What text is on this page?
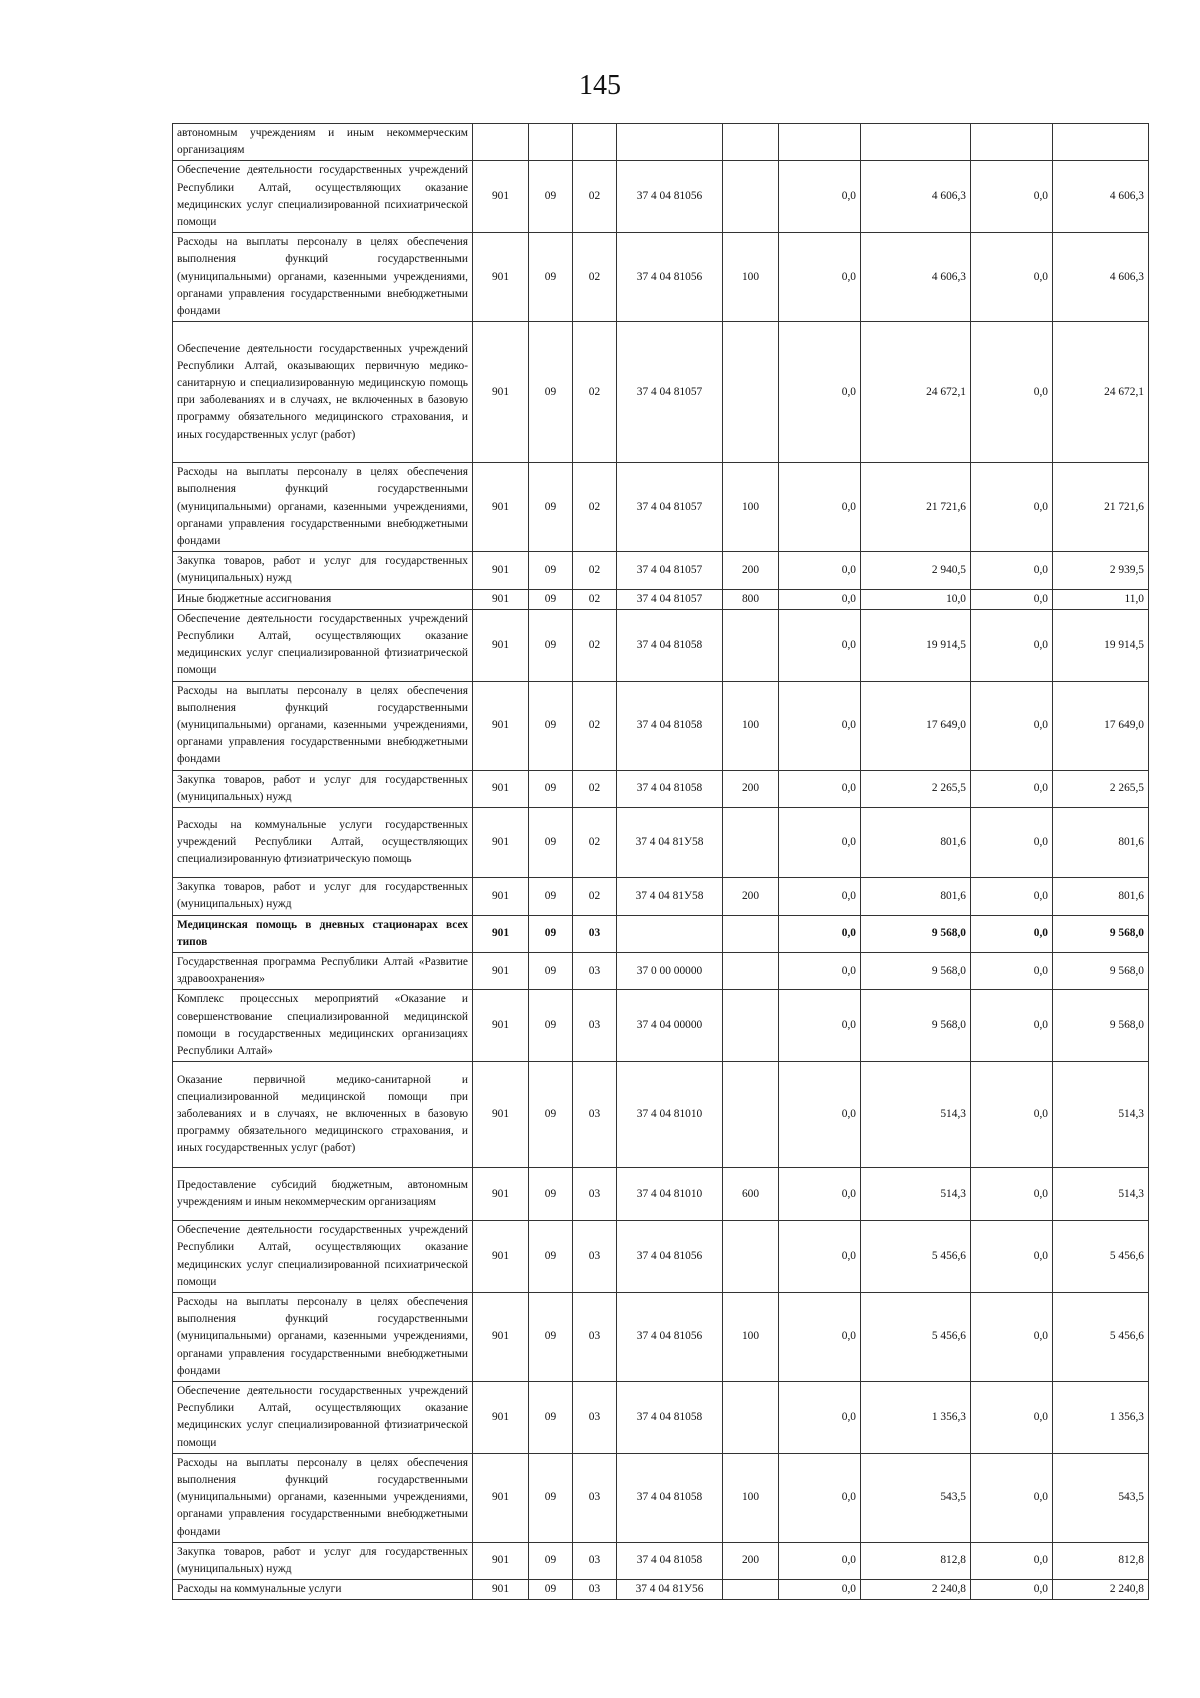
145
автономным учреждениям и иным некоммерческим организациям									
Обеспечение деятельности государственных учреждений Республики Алтай, осуществляющих оказание медицинских услуг специализированной психиатрической помощи	901	09	02	37 4 04 81056		0,0	4 606,3	0,0	4 606,3
Расходы на выплаты персоналу в целях обеспечения выполнения функций государственными (муниципальными) органами, казенными учреждениями, органами управления государственными внебюджетными фондами	901	09	02	37 4 04 81056	100	0,0	4 606,3	0,0	4 606,3
Обеспечение деятельности государственных учреждений Республики Алтай, оказывающих первичную медико-санитарную и специализированную медицинскую помощь при заболеваниях и в случаях, не включенных в базовую программу обязательного медицинского страхования, и иных государственных услуг (работ)	901	09	02	37 4 04 81057		0,0	24 672,1	0,0	24 672,1
Расходы на выплаты персоналу в целях обеспечения выполнения функций государственными (муниципальными) органами, казенными учреждениями, органами управления государственными внебюджетными фондами	901	09	02	37 4 04 81057	100	0,0	21 721,6	0,0	21 721,6
Закупка товаров, работ и услуг для государственных (муниципальных) нужд	901	09	02	37 4 04 81057	200	0,0	2 940,5	0,0	2 939,5
Иные бюджетные ассигнования	901	09	02	37 4 04 81057	800	0,0	10,0	0,0	11,0
Обеспечение деятельности государственных учреждений Республики Алтай, осуществляющих оказание медицинских услуг специализированной фтизиатрической помощи	901	09	02	37 4 04 81058		0,0	19 914,5	0,0	19 914,5
Расходы на выплаты персоналу в целях обеспечения выполнения функций государственными (муниципальными) органами, казенными учреждениями, органами управления государственными внебюджетными фондами	901	09	02	37 4 04 81058	100	0,0	17 649,0	0,0	17 649,0
Закупка товаров, работ и услуг для государственных (муниципальных) нужд	901	09	02	37 4 04 81058	200	0,0	2 265,5	0,0	2 265,5
Расходы на коммунальные услуги государственных учреждений Республики Алтай, осуществляющих специализированную фтизиатрическую помощь	901	09	02	37 4 04 81У58		0,0	801,6	0,0	801,6
Закупка товаров, работ и услуг для государственных (муниципальных) нужд	901	09	02	37 4 04 81У58	200	0,0	801,6	0,0	801,6
Медицинская помощь в дневных стационарах всех типов	901	09	03			0,0	9 568,0	0,0	9 568,0
Государственная программа Республики Алтай «Развитие здравоохранения»	901	09	03	37 0 00 00000		0,0	9 568,0	0,0	9 568,0
Комплекс процессных мероприятий «Оказание и совершенствование специализированной медицинской помощи в государственных медицинских организациях Республики Алтай»	901	09	03	37 4 04 00000		0,0	9 568,0	0,0	9 568,0
Оказание первичной медико-санитарной и специализированной медицинской помощи при заболеваниях и в случаях, не включенных в базовую программу обязательного медицинского страхования, и иных государственных услуг (работ)	901	09	03	37 4 04 81010		0,0	514,3	0,0	514,3
Предоставление субсидий бюджетным, автономным учреждениям и иным некоммерческим организациям	901	09	03	37 4 04 81010	600	0,0	514,3	0,0	514,3
Обеспечение деятельности государственных учреждений Республики Алтай, осуществляющих оказание медицинских услуг специализированной психиатрической помощи	901	09	03	37 4 04 81056		0,0	5 456,6	0,0	5 456,6
Расходы на выплаты персоналу в целях обеспечения выполнения функций государственными (муниципальными) органами, казенными учреждениями, органами управления государственными внебюджетными фондами	901	09	03	37 4 04 81056	100	0,0	5 456,6	0,0	5 456,6
Обеспечение деятельности государственных учреждений Республики Алтай, осуществляющих оказание медицинских услуг специализированной фтизиатрической помощи	901	09	03	37 4 04 81058		0,0	1 356,3	0,0	1 356,3
Расходы на выплаты персоналу в целях обеспечения выполнения функций государственными (муниципальными) органами, казенными учреждениями, органами управления государственными внебюджетными фондами	901	09	03	37 4 04 81058	100	0,0	543,5	0,0	543,5
Закупка товаров, работ и услуг для государственных (муниципальных) нужд	901	09	03	37 4 04 81058	200	0,0	812,8	0,0	812,8
Расходы на коммунальные услуги	901	09	03	37 4 04 81У56		0,0	2 240,8	0,0	2 240,8
